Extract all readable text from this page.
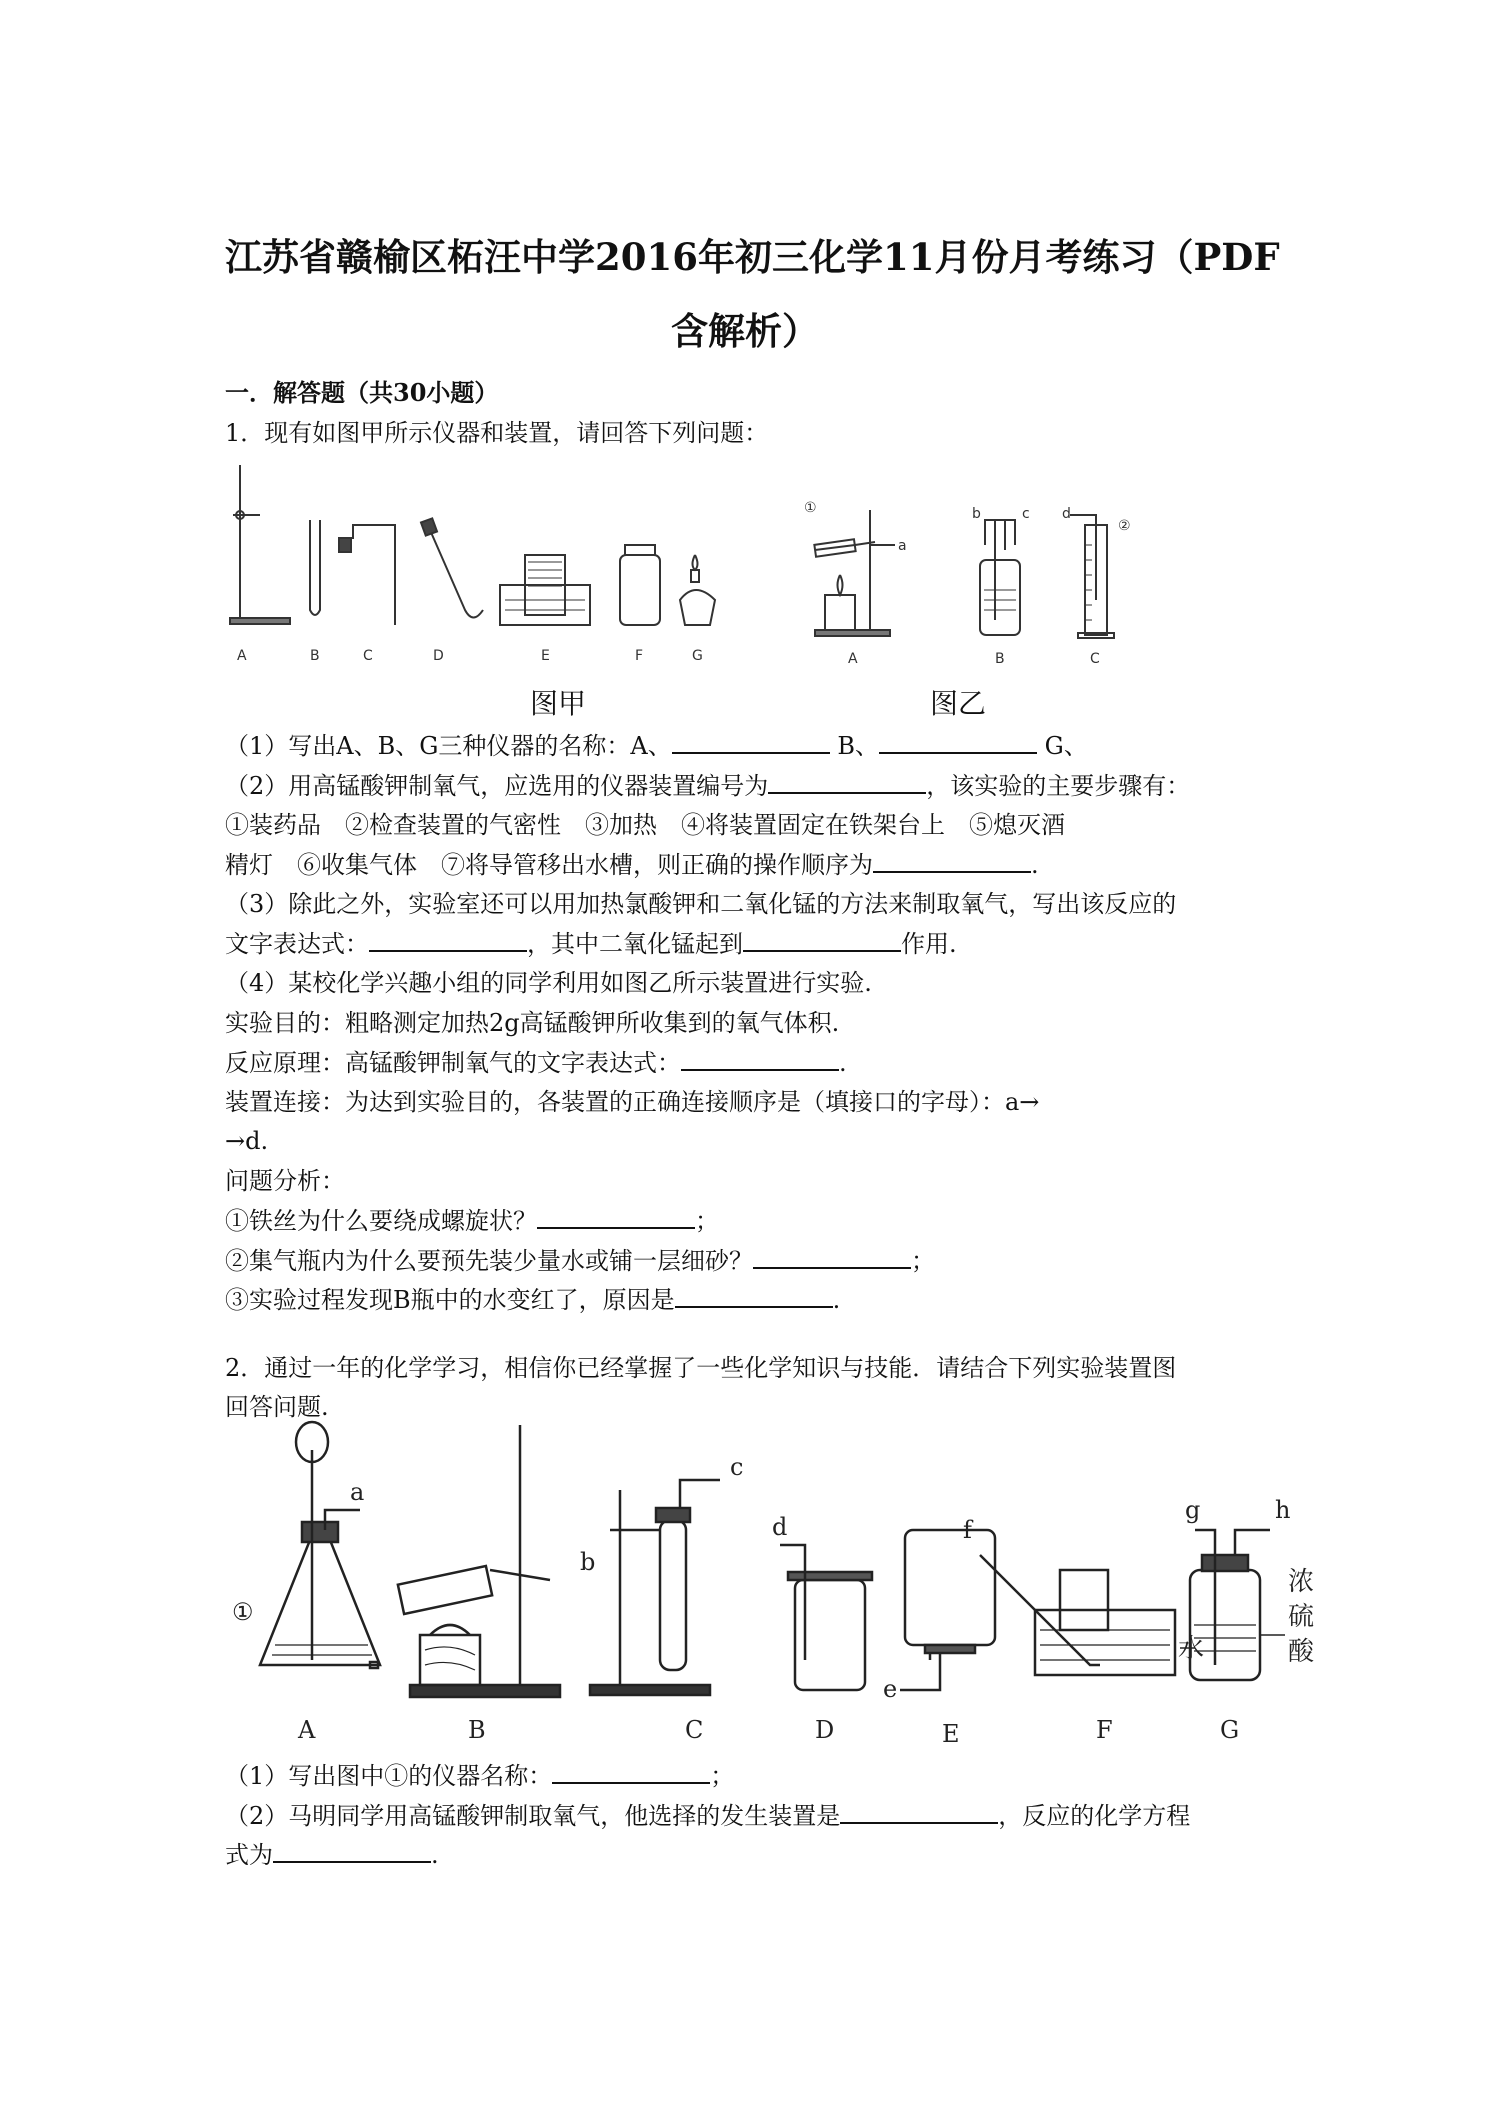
江苏省赣榆区柘汪中学2016年初三化学11月份月考练习（PDF
含解析）
一．解答题（共30小题）
1．现有如图甲所示仪器和装置，请回答下列问题：
A	B	C	D	E	F	G
①
②
a
b	c d
A	B	C
图甲	图乙
（1）写出A、B、G三种仪器的名称：A、	B、	G、
（2）用高锰酸钾制氧气，应选用的仪器装置编号为	，该实验的主要步骤有：
①装药品　②检查装置的气密性　③加热　④将装置固定在铁架台上　⑤熄灭酒
精灯　⑥收集气体　⑦将导管移出水槽，则正确的操作顺序为	.
（3）除此之外，实验室还可以用加热氯酸钾和二氧化锰的方法来制取氧气，写出该反应的
文字表达式：	，其中二氧化锰起到	作用.
（4）某校化学兴趣小组的同学利用如图乙所示装置进行实验.
实验目的：粗略测定加热2g高锰酸钾所收集到的氧气体积.
反应原理：高锰酸钾制氧气的文字表达式：	.
装置连接：为达到实验目的，各装置的正确连接顺序是（填接口的字母）：a→
→d.
问题分析：
①铁丝为什么要绕成螺旋状？	；
②集气瓶内为什么要预先装少量水或铺一层细砂？	；
③实验过程发现B瓶中的水变红了，原因是	.
2．通过一年的化学学习，相信你已经掌握了一些化学知识与技能．请结合下列实验装置图
回答问题.
①
a
b
c
d
e
f
g	h
水
浓
硫
酸
A	B	C	D	E	F	G
（1）写出图中①的仪器名称：	；
（2）马明同学用高锰酸钾制取氧气，他选择的发生装置是	，反应的化学方程
式为	.
